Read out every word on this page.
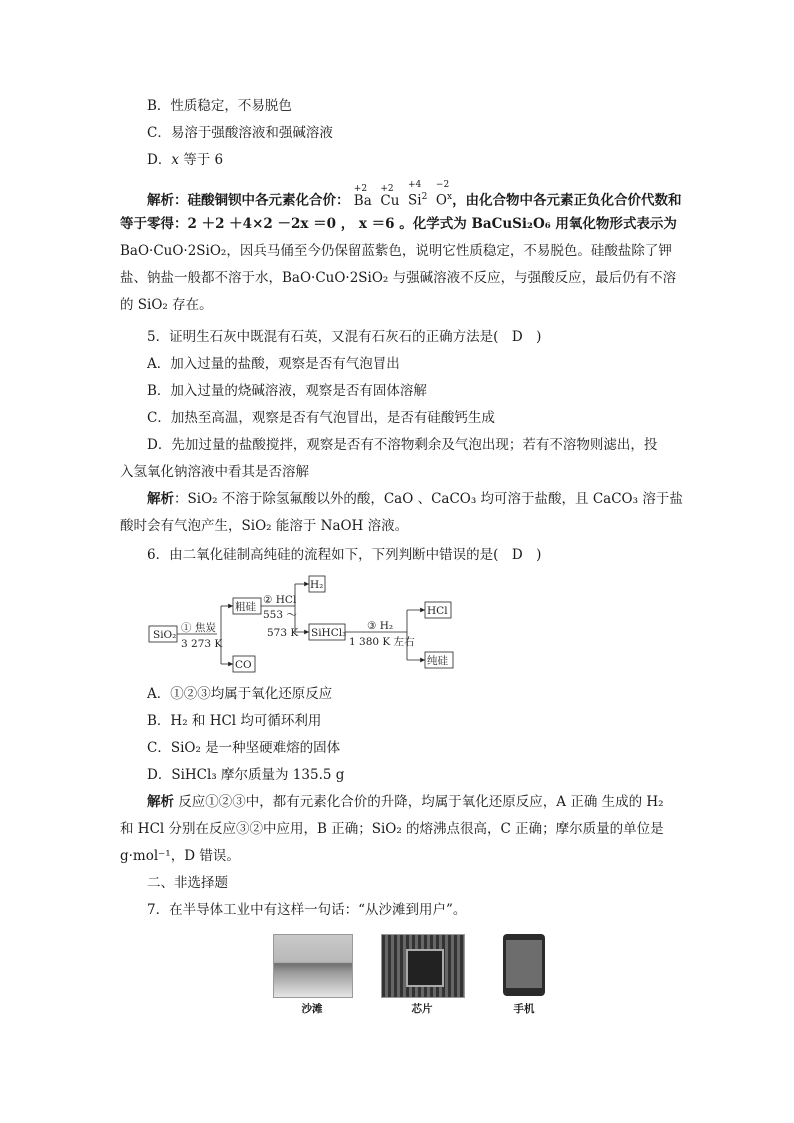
B．性质稳定，不易脱色
C．易溶于强酸溶液和强碱溶液
D．x 等于 6
解析：硅酸铜钡中各元素化合价：
+2
Ba
+2
Cu
+4
Si$^2$
−2
$O^x$，由化合物中各元素正负化合价代数和
等于零得：2 ＋2 ＋4×2 －2x ＝0 ， x ＝6 。化学式为 BaCuSi₂O₆ 用氧化物形式表示为
BaO·CuO·2SiO₂，因兵马俑至今仍保留蓝紫色，说明它性质稳定，不易脱色。硅酸盐除了钾
盐、钠盐一般都不溶于水，BaO·CuO·2SiO₂ 与强碱溶液不反应，与强酸反应，最后仍有不溶
的 SiO₂ 存在。
5．证明生石灰中既混有石英，又混有石灰石的正确方法是(　D　)
A．加入过量的盐酸，观察是否有气泡冒出
B．加入过量的烧碱溶液，观察是否有固体溶解
C．加热至高温，观察是否有气泡冒出，是否有硅酸钙生成
D．先加过量的盐酸搅拌，观察是否有不溶物剩余及气泡出现；若有不溶物则滤出，投
入氢氧化钠溶液中看其是否溶解
解析：SiO₂ 不溶于除氢氟酸以外的酸，CaO 、CaCO₃ 均可溶于盐酸，且 CaCO₃ 溶于盐
酸时会有气泡产生，SiO₂ 能溶于 NaOH 溶液。
6．由二氧化硅制高纯硅的流程如下，下列判断中错误的是(　D　)
SiO₂
① 焦炭
3 273 K
粗硅
CO
② HCl
553 ～
573 K
H₂
SiHCl₃
③ H₂
1 380 K 左右
HCl
纯硅
A．①②③均属于氧化还原反应
B．H₂ 和 HCl 均可循环利用
C．SiO₂ 是一种坚硬难熔的固体
D．SiHCl₃ 摩尔质量为 135.5 g
解析 反应①②③中，都有元素化合价的升降，均属于氧化还原反应，A 正确 生成的 H₂
和 HCl 分别在反应③②中应用，B 正确；SiO₂ 的熔沸点很高，C 正确；摩尔质量的单位是
g·mol⁻¹，D 错误。
二、非选择题
7．在半导体工业中有这样一句话：“从沙滩到用户”。
沙滩	芯片	手机
